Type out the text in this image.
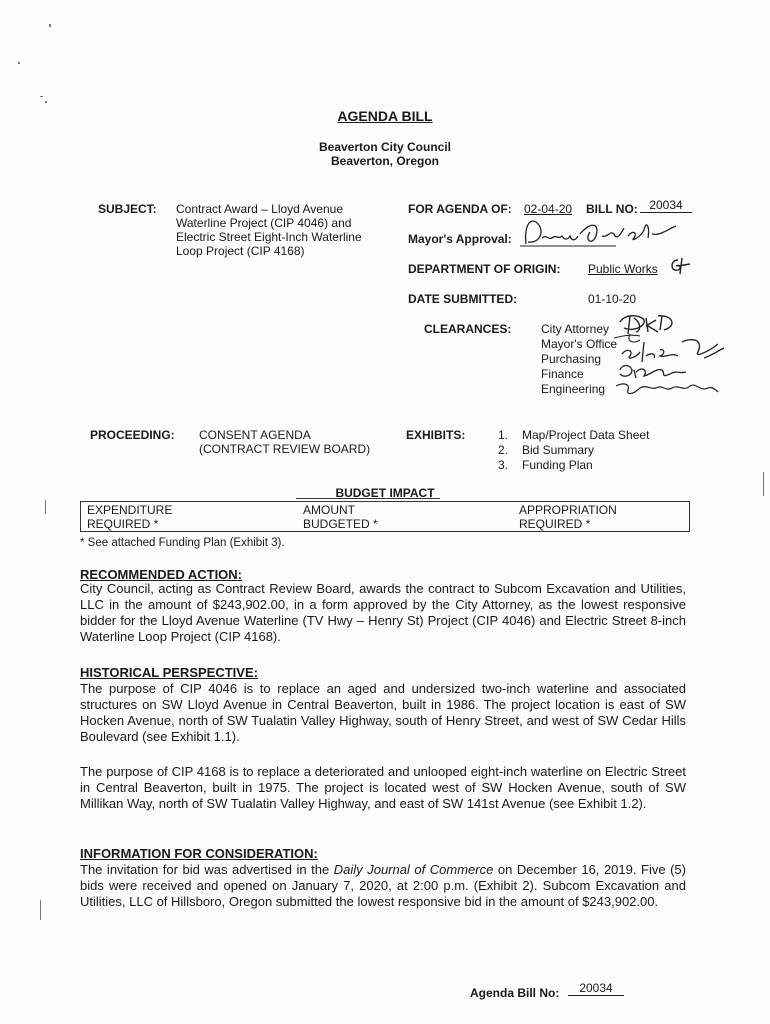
AGENDA BILL
Beaverton City Council
Beaverton, Oregon
SUBJECT: Contract Award – Lloyd Avenue
Waterline Project (CIP 4046) and
Electric Street Eight-Inch Waterline
Loop Project (CIP 4168)
FOR AGENDA OF: 02-04-20 BILL NO: 20034
Mayor's Approval:
DEPARTMENT OF ORIGIN: Public Works
DATE SUBMITTED:	01-10-20
CLEARANCES: City Attorney
Mayor's Office
Purchasing
Finance
Engineering
PROCEEDING: CONSENT AGENDA
(CONTRACT REVIEW BOARD)
EXHIBITS:	1. Map/Project Data Sheet
2. Bid Summary
3. Funding Plan
BUDGET IMPACT
EXPENDITURE
REQUIRED *
AMOUNT
BUDGETED *
APPROPRIATION
REQUIRED *
* See attached Funding Plan (Exhibit 3).
RECOMMENDED ACTION:
City Council, acting as Contract Review Board, awards the contract to Subcom Excavation and Utilities, LLC in the amount of $243,902.00, in a form approved by the City Attorney, as the lowest responsive bidder for the Lloyd Avenue Waterline (TV Hwy – Henry St) Project (CIP 4046) and Electric Street 8-inch Waterline Loop Project (CIP 4168).
HISTORICAL PERSPECTIVE:
The purpose of CIP 4046 is to replace an aged and undersized two-inch waterline and associated structures on SW Lloyd Avenue in Central Beaverton, built in 1986. The project location is east of SW Hocken Avenue, north of SW Tualatin Valley Highway, south of Henry Street, and west of SW Cedar Hills Boulevard (see Exhibit 1.1).
The purpose of CIP 4168 is to replace a deteriorated and unlooped eight-inch waterline on Electric Street in Central Beaverton, built in 1975. The project is located west of SW Hocken Avenue, south of SW Millikan Way, north of SW Tualatin Valley Highway, and east of SW 141st Avenue (see Exhibit 1.2).
INFORMATION FOR CONSIDERATION:
The invitation for bid was advertised in the Daily Journal of Commerce on December 16, 2019. Five (5) bids were received and opened on January 7, 2020, at 2:00 p.m. (Exhibit 2). Subcom Excavation and Utilities, LLC of Hillsboro, Oregon submitted the lowest responsive bid in the amount of $243,902.00.
Agenda Bill No:	20034
